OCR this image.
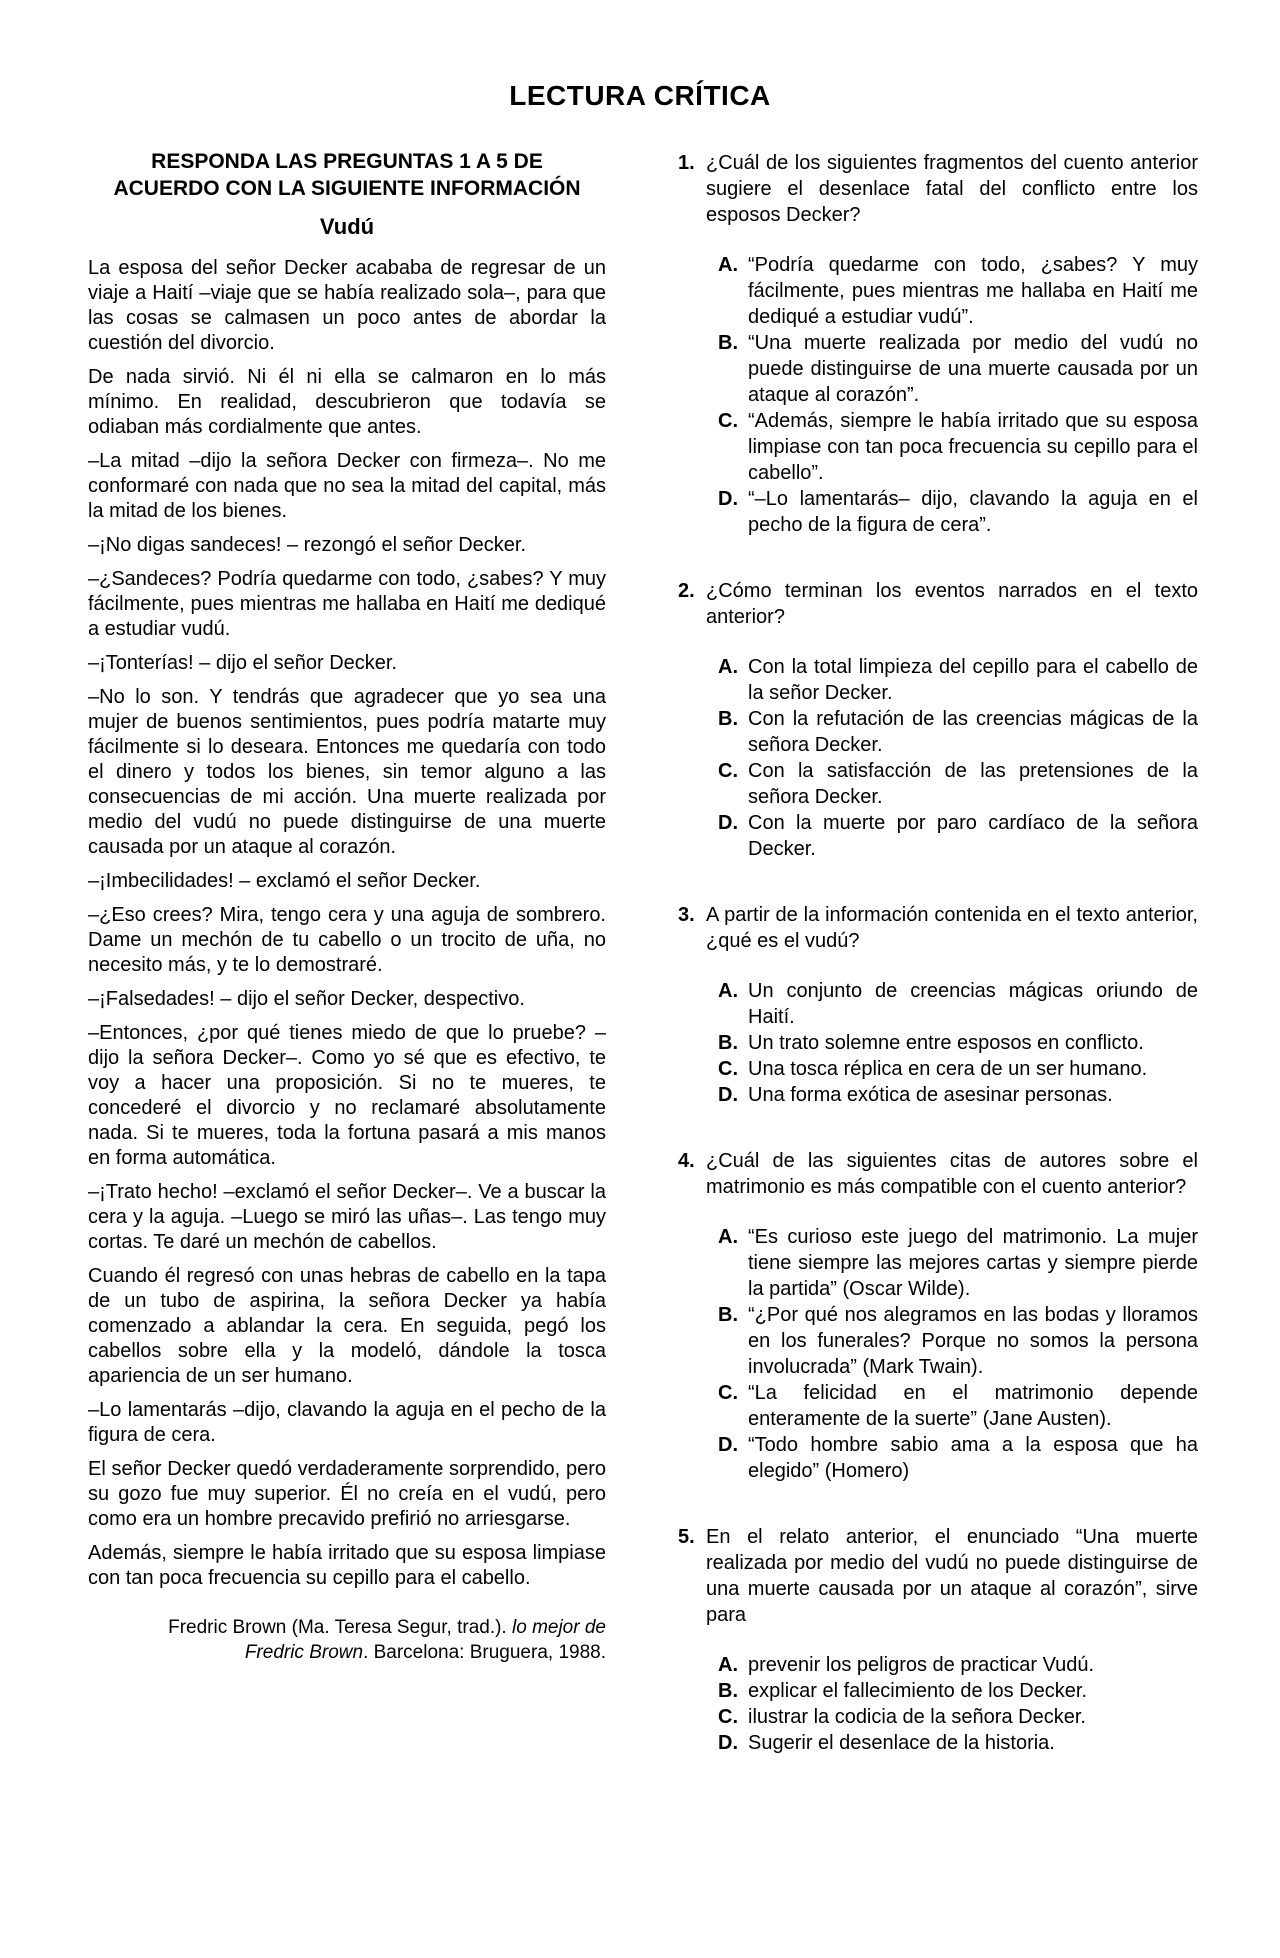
LECTURA CRÍTICA
RESPONDA LAS PREGUNTAS 1 A 5 DE
ACUERDO CON LA SIGUIENTE INFORMACIÓN
Vudú

La esposa del señor Decker acababa de regresar de un viaje a Haití –viaje que se había realizado sola–, para que las cosas se calmasen un poco antes de abordar la cuestión del divorcio.

De nada sirvió. Ni él ni ella se calmaron en lo más mínimo. En realidad, descubrieron que todavía se odiaban más cordialmente que antes.

–La mitad –dijo la señora Decker con firmeza–. No me conformaré con nada que no sea la mitad del capital, más la mitad de los bienes.

–¡No digas sandeces! – rezongó el señor Decker.

–¿Sandeces? Podría quedarme con todo, ¿sabes? Y muy fácilmente, pues mientras me hallaba en Haití me dediqué a estudiar vudú.

–¡Tonterías! – dijo el señor Decker.

–No lo son. Y tendrás que agradecer que yo sea una mujer de buenos sentimientos, pues podría matarte muy fácilmente si lo deseara. Entonces me quedaría con todo el dinero y todos los bienes, sin temor alguno a las consecuencias de mi acción. Una muerte realizada por medio del vudú no puede distinguirse de una muerte causada por un ataque al corazón.

–¡Imbecilidades! – exclamó el señor Decker.

–¿Eso crees? Mira, tengo cera y una aguja de sombrero. Dame un mechón de tu cabello o un trocito de uña, no necesito más, y te lo demostraré.

–¡Falsedades! – dijo el señor Decker, despectivo.

–Entonces, ¿por qué tienes miedo de que lo pruebe? –dijo la señora Decker–. Como yo sé que es efectivo, te voy a hacer una proposición. Si no te mueres, te concederé el divorcio y no reclamaré absolutamente nada. Si te mueres, toda la fortuna pasará a mis manos en forma automática.

–¡Trato hecho! –exclamó el señor Decker–. Ve a buscar la cera y la aguja. –Luego se miró las uñas–. Las tengo muy cortas. Te daré un mechón de cabellos.

Cuando él regresó con unas hebras de cabello en la tapa de un tubo de aspirina, la señora Decker ya había comenzado a ablandar la cera. En seguida, pegó los cabellos sobre ella y la modeló, dándole la tosca apariencia de un ser humano.

–Lo lamentarás –dijo, clavando la aguja en el pecho de la figura de cera.

El señor Decker quedó verdaderamente sorprendido, pero su gozo fue muy superior. Él no creía en el vudú, pero como era un hombre precavido prefirió no arriesgarse.

Además, siempre le había irritado que su esposa limpiase con tan poca frecuencia su cepillo para el cabello.

Fredric Brown (Ma. Teresa Segur, trad.). lo mejor de Fredric Brown. Barcelona: Bruguera, 1988.
1. ¿Cuál de los siguientes fragmentos del cuento anterior sugiere el desenlace fatal del conflicto entre los esposos Decker?
A. “Podría quedarme con todo, ¿sabes? Y muy fácilmente, pues mientras me hallaba en Haití me dediqué a estudiar vudú”.
B. “Una muerte realizada por medio del vudú no puede distinguirse de una muerte causada por un ataque al corazón”.
C. “Además, siempre le había irritado que su esposa limpiase con tan poca frecuencia su cepillo para el cabello”.
D. “–Lo lamentarás– dijo, clavando la aguja en el pecho de la figura de cera”.
2. ¿Cómo terminan los eventos narrados en el texto anterior?
A. Con la total limpieza del cepillo para el cabello de la señor Decker.
B. Con la refutación de las creencias mágicas de la señora Decker.
C. Con la satisfacción de las pretensiones de la señora Decker.
D. Con la muerte por paro cardíaco de la señora Decker.
3. A partir de la información contenida en el texto anterior, ¿qué es el vudú?
A. Un conjunto de creencias mágicas oriundo de Haití.
B. Un trato solemne entre esposos en conflicto.
C. Una tosca réplica en cera de un ser humano.
D. Una forma exótica de asesinar personas.
4. ¿Cuál de las siguientes citas de autores sobre el matrimonio es más compatible con el cuento anterior?
A. “Es curioso este juego del matrimonio. La mujer tiene siempre las mejores cartas y siempre pierde la partida” (Oscar Wilde).
B. “¿Por qué nos alegramos en las bodas y lloramos en los funerales? Porque no somos la persona involucrada” (Mark Twain).
C. “La felicidad en el matrimonio depende enteramente de la suerte” (Jane Austen).
D. “Todo hombre sabio ama a la esposa que ha elegido” (Homero)
5. En el relato anterior, el enunciado “Una muerte realizada por medio del vudú no puede distinguirse de una muerte causada por un ataque al corazón”, sirve para
A. prevenir los peligros de practicar Vudú.
B. explicar el fallecimiento de los Decker.
C. ilustrar la codicia de la señora Decker.
D. Sugerir el desenlace de la historia.
